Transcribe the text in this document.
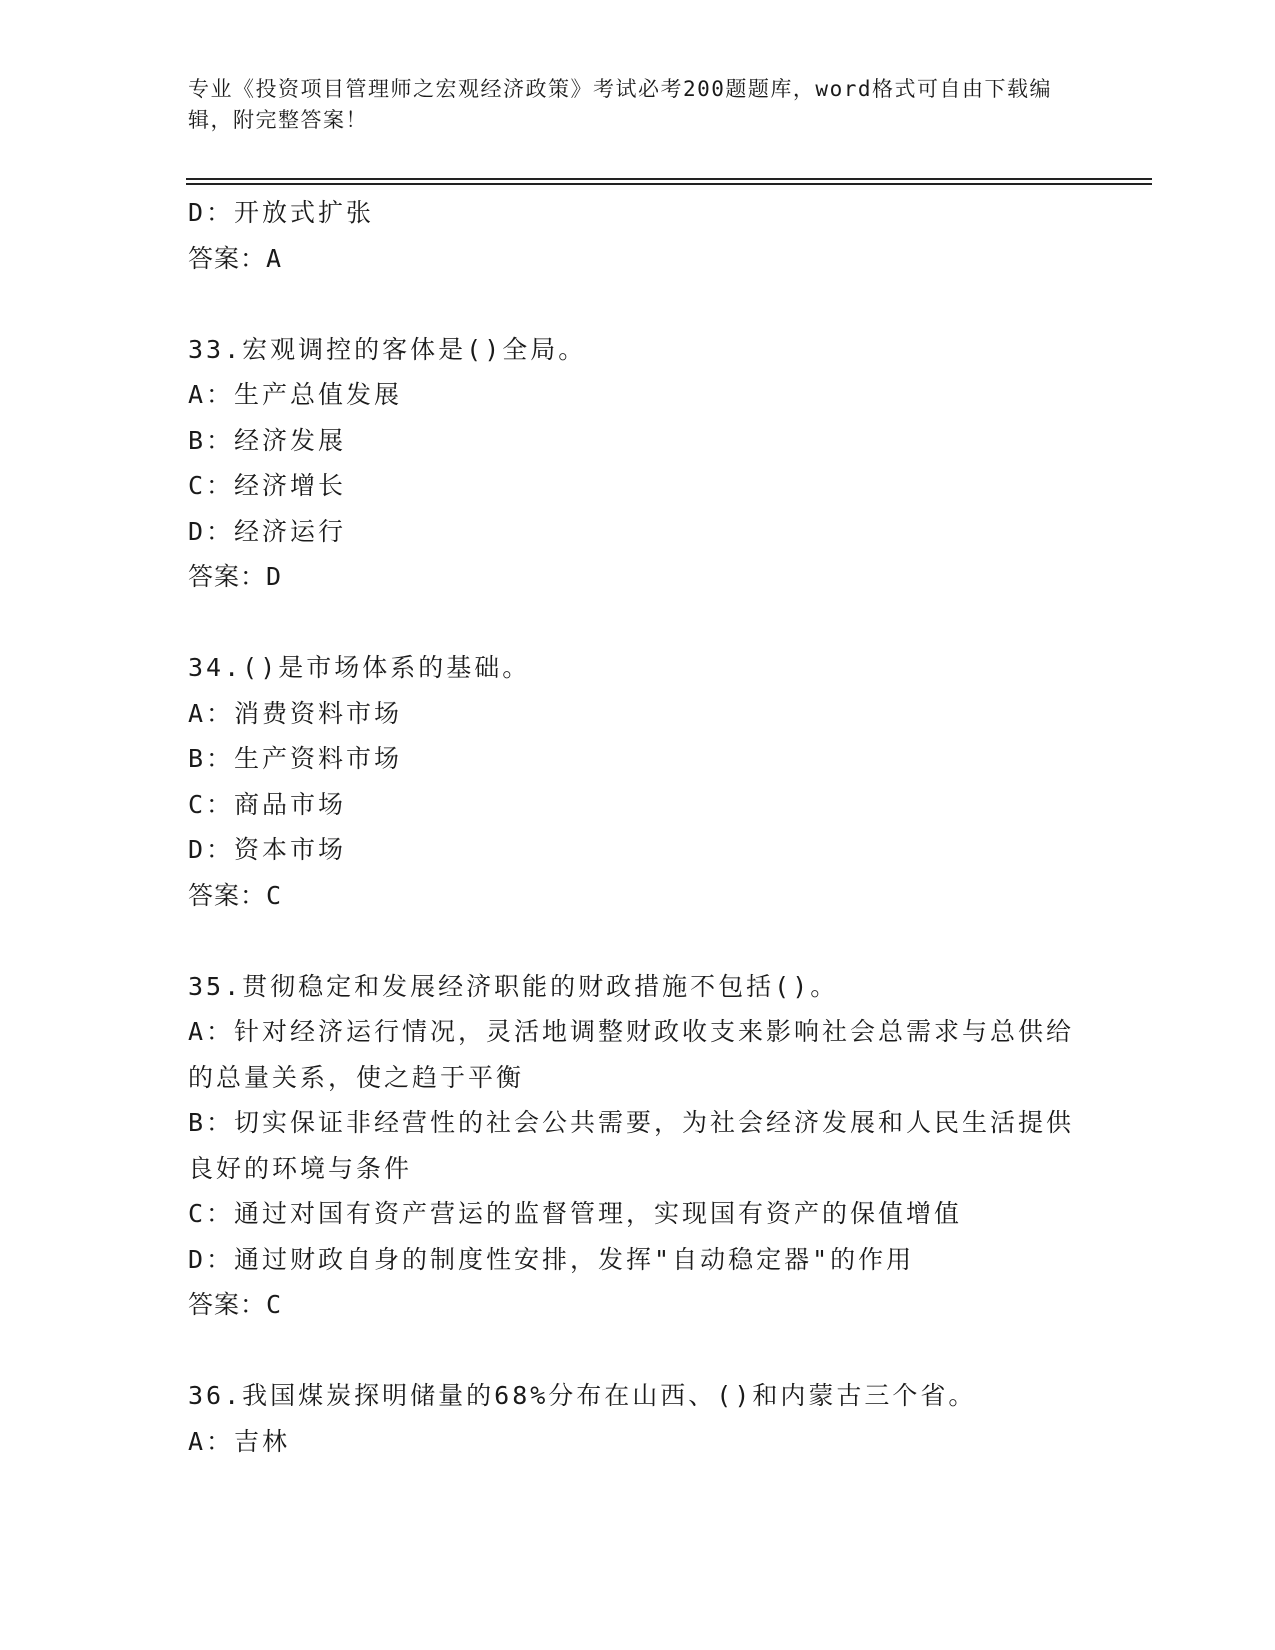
专业《投资项目管理师之宏观经济政策》考试必考200题题库，word格式可自由下载编辑，附完整答案！
D：开放式扩张
答案：A
33.宏观调控的客体是()全局。
A：生产总值发展
B：经济发展
C：经济增长
D：经济运行
答案：D
34.()是市场体系的基础。
A：消费资料市场
B：生产资料市场
C：商品市场
D：资本市场
答案：C
35.贯彻稳定和发展经济职能的财政措施不包括()。
A：针对经济运行情况，灵活地调整财政收支来影响社会总需求与总供给的总量关系，使之趋于平衡
B：切实保证非经营性的社会公共需要，为社会经济发展和人民生活提供良好的环境与条件
C：通过对国有资产营运的监督管理，实现国有资产的保值增值
D：通过财政自身的制度性安排，发挥"自动稳定器"的作用
答案：C
36.我国煤炭探明储量的68%分布在山西、()和内蒙古三个省。
A：吉林
